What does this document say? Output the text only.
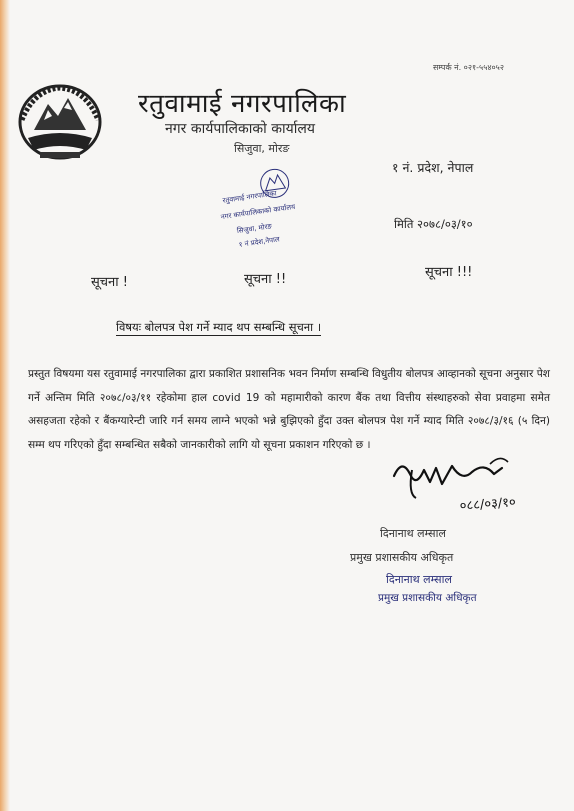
सम्पर्क नं. ०२१-५५४०५२
रतुवामाई नगरपालिका
नगर कार्यपालिकाको कार्यालय
सिजुवा, मोरङ
१ नं. प्रदेश, नेपाल
रतुवामाई नगरपालिका
नगर कार्यपालिकाको कार्यालय
सिजुवा, मोरङ
१ नं प्रदेश,नेपाल
मिति २०७८/०३/१०
सूचना !	सूचना !!	सूचना !!!
विषयः बोलपत्र पेश गर्ने म्याद थप सम्बन्धि सूचना ।
प्रस्तुत विषयमा यस रतुवामाई नगरपालिका द्वारा प्रकाशित प्रशासनिक भवन निर्माण सम्बन्धि विधुतीय बोलपत्र आव्हानको सूचना अनुसार पेश गर्ने अन्तिम मिति २०७८/०३/११ रहेकोमा हाल covid 19 को महामारीको कारण बैंक तथा वित्तीय संस्थाहरुको सेवा प्रवाहमा समेत असहजता रहेको र बैंकग्यारेन्टी जारि गर्न समय लाग्ने भएको भन्ने बुझिएको हुँदा उक्त बोलपत्र पेश गर्ने म्याद मिति २०७८/३/१६ (५ दिन) सम्म थप गरिएको हुँदा सम्बन्धित सबैको जानकारीको लागि यो सूचना प्रकाशन गरिएको छ ।
०८८/०३/१०
दिनानाथ लम्साल
प्रमुख प्रशासकीय अधिकृत
दिनानाथ लम्साल
प्रमुख प्रशासकीय अधिकृत
